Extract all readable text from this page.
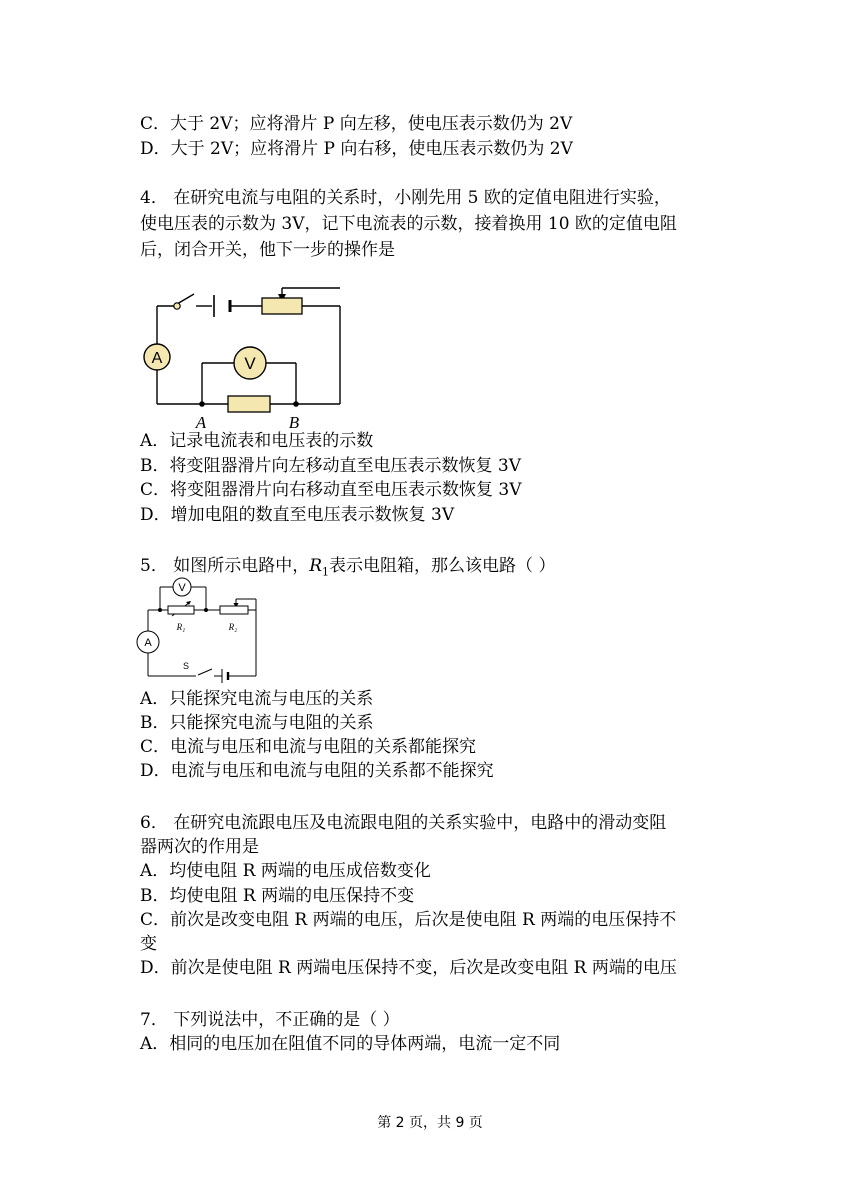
C．大于 2V；应将滑片 P 向左移，使电压表示数仍为 2V
D．大于 2V；应将滑片 P 向右移，使电压表示数仍为 2V
4． 在研究电流与电阻的关系时，小刚先用 5 欧的定值电阻进行实验，
使电压表的示数为 3V，记下电流表的示数，接着换用 10 欧的定值电阻
后，闭合开关，他下一步的操作是
A	V
A	B
A．记录电流表和电压表的示数
B．将变阻器滑片向左移动直至电压表示数恢复 3V
C．将变阻器滑片向右移动直至电压表示数恢复 3V
D．增加电阻的数直至电压表示数恢复 3V
5． 如图所示电路中，$R_1$表示电阻箱，那么该电路（ ）
A
V
R₁	R₂
S
A．只能探究电流与电压的关系
B．只能探究电流与电阻的关系
C．电流与电压和电流与电阻的关系都能探究
D．电流与电压和电流与电阻的关系都不能探究
6． 在研究电流跟电压及电流跟电阻的关系实验中，电路中的滑动变阻
器两次的作用是
A．均使电阻 R 两端的电压成倍数变化
B．均使电阻 R 两端的电压保持不变
C．前次是改变电阻 R 两端的电压，后次是使电阻 R 两端的电压保持不
变
D．前次是使电阻 R 两端电压保持不变，后次是改变电阻 R 两端的电压
7． 下列说法中，不正确的是（ ）
A．相同的电压加在阻值不同的导体两端，电流一定不同
第 2 页，共 9 页
